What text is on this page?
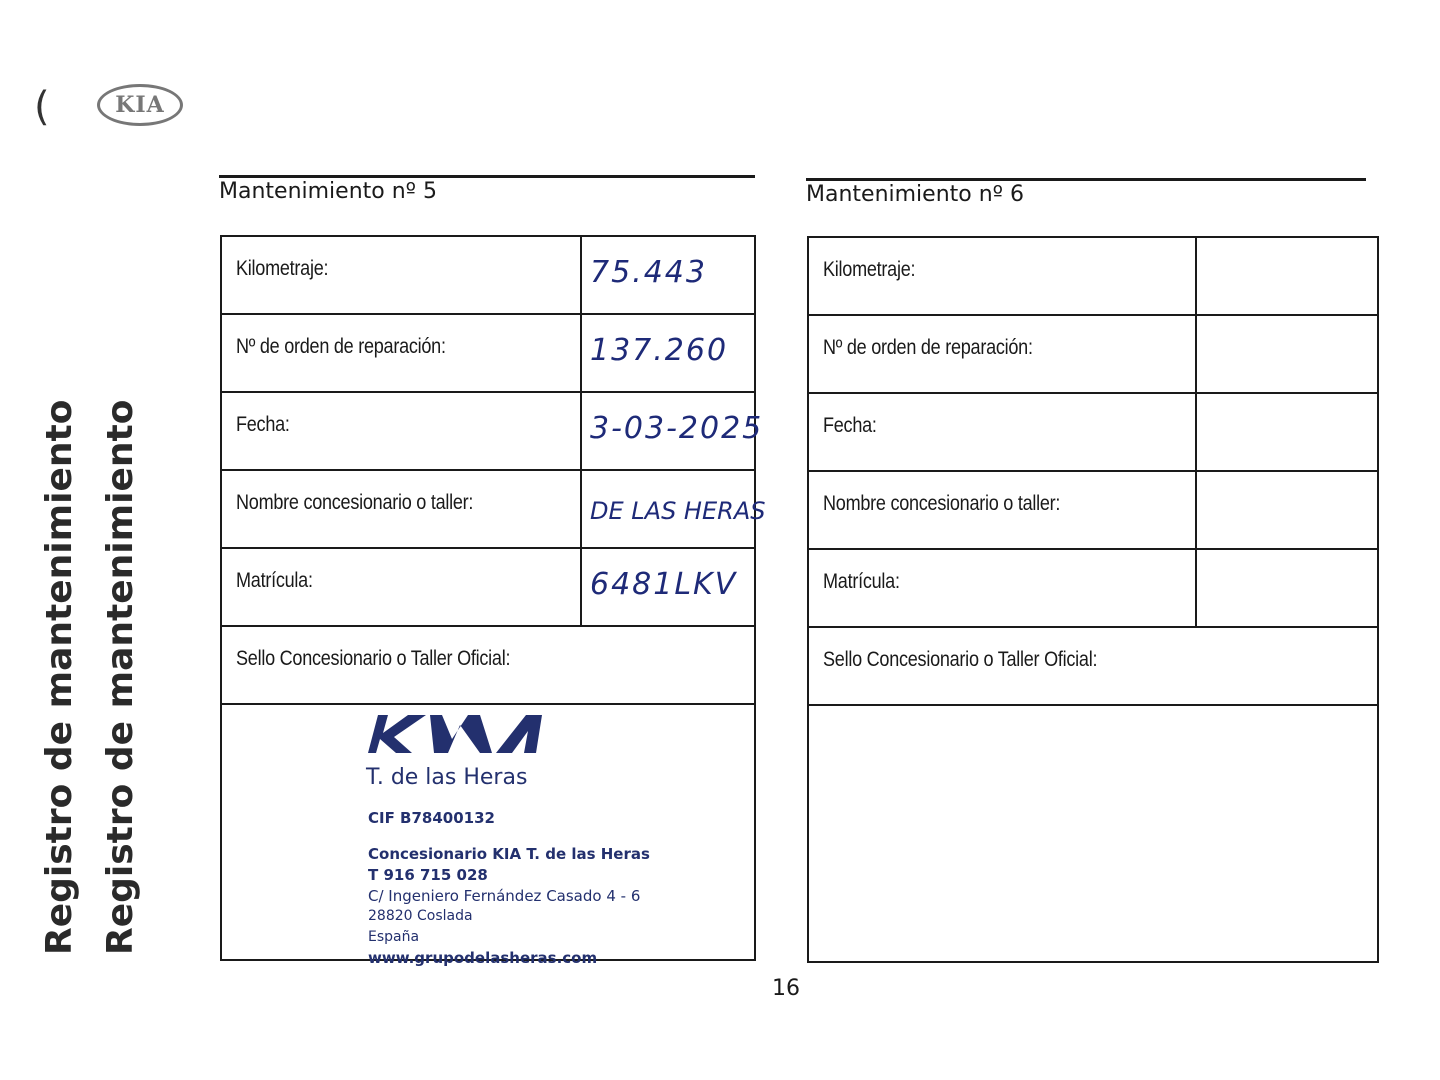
(	KIA
Registro de mantenimiento Registro de mantenimiento
Mantenimiento nº 5
Kilometraje:	75.443
Nº de orden de reparación:	137.260
Fecha:	3-03-2025
Nombre concesionario o taller:	DE LAS HERAS
Matrícula:	6481LKV
Sello Concesionario o Taller Oficial:
T. de las Heras
CIF B78400132
Concesionario KIA T. de las Heras
T 916 715 028
C/ Ingeniero Fernández Casado 4 - 6
28820 Coslada
España
www.grupodelasheras.com
Mantenimiento nº 6
Kilometraje:
Nº de orden de reparación:
Fecha:
Nombre concesionario o taller:
Matrícula:
Sello Concesionario o Taller Oficial:
16
